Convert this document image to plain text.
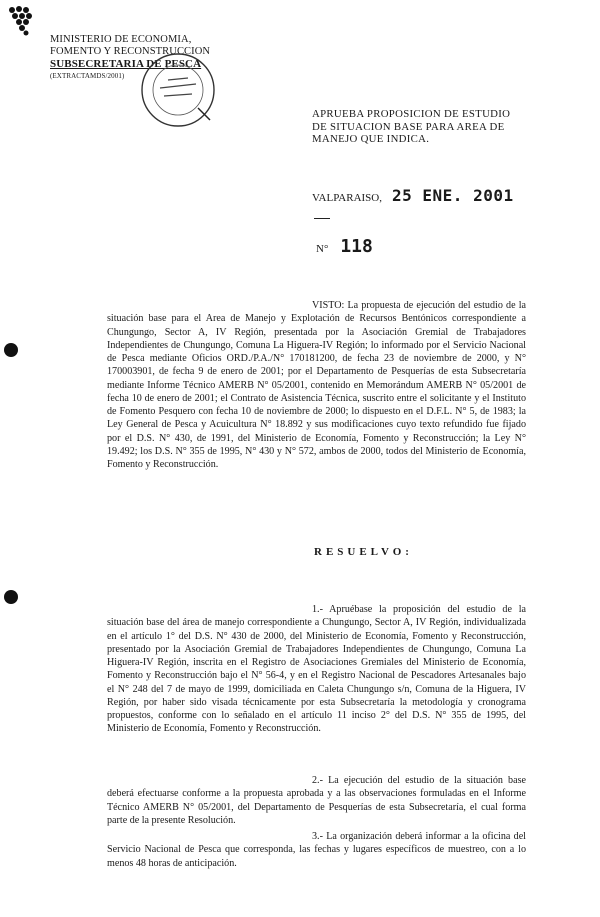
MINISTERIO DE ECONOMIA,
FOMENTO Y RECONSTRUCCION
SUBSECRETARIA DE PESCA
(EXTRACTAMDS/2001)
APRUEBA PROPOSICION DE ESTUDIO
DE SITUACION BASE PARA AREA DE
MANEJO QUE INDICA.
VALPARAISO, 25 ENE. 2001
N° 118
VISTO: La propuesta de ejecución del estudio de la situación base para el Area de Manejo y Explotación de Recursos Bentónicos correspondiente a Chungungo, Sector A, IV Región, presentada por la Asociación Gremial de Trabajadores Independientes de Chungungo, Comuna La Higuera-IV Región; lo informado por el Servicio Nacional de Pesca mediante Oficios ORD./P.A./N° 170181200, de fecha 23 de noviembre de 2000, y N° 170003901, de fecha 9 de enero de 2001; por el Departamento de Pesquerías de esta Subsecretaría mediante Informe Técnico AMERB N° 05/2001, contenido en Memorándum AMERB N° 05/2001 de fecha 10 de enero de 2001; el Contrato de Asistencia Técnica, suscrito entre el solicitante y el Instituto de Fomento Pesquero con fecha 10 de noviembre de 2000; lo dispuesto en el D.F.L. N° 5, de 1983; la Ley General de Pesca y Acuicultura N° 18.892 y sus modificaciones cuyo texto refundido fue fijado por el D.S. N° 430, de 1991, del Ministerio de Economía, Fomento y Reconstrucción; la Ley N° 19.492; los D.S. N° 355 de 1995, N° 430 y N° 572, ambos de 2000, todos del Ministerio de Economía, Fomento y Reconstrucción.
RESUELVO:
1.- Apruébase la proposición del estudio de la situación base del área de manejo correspondiente a Chungungo, Sector A, IV Región, individualizada en el artículo 1° del D.S. N° 430 de 2000, del Ministerio de Economía, Fomento y Reconstrucción, presentado por la Asociación Gremial de Trabajadores Independientes de Chungungo, Comuna La Higuera-IV Región, inscrita en el Registro de Asociaciones Gremiales del Ministerio de Economía, Fomento y Reconstrucción bajo el N° 56-4, y en el Registro Nacional de Pescadores Artesanales bajo el N° 248 del 7 de mayo de 1999, domiciliada en Caleta Chungungo s/n, Comuna de la Higuera, IV Región, por haber sido visada técnicamente por esta Subsecretaría la metodología y cronograma propuestos, conforme con lo señalado en el artículo 11 inciso 2° del D.S. N° 355 de 1995, del Ministerio de Economía, Fomento y Reconstrucción.
2.- La ejecución del estudio de la situación base deberá efectuarse conforme a la propuesta aprobada y a las observaciones formuladas en el Informe Técnico AMERB N° 05/2001, del Departamento de Pesquerías de esta Subsecretaría, el cual forma parte de la presente Resolución.
3.- La organización deberá informar a la oficina del Servicio Nacional de Pesca que corresponda, las fechas y lugares específicos de muestreo, con a lo menos 48 horas de anticipación.
